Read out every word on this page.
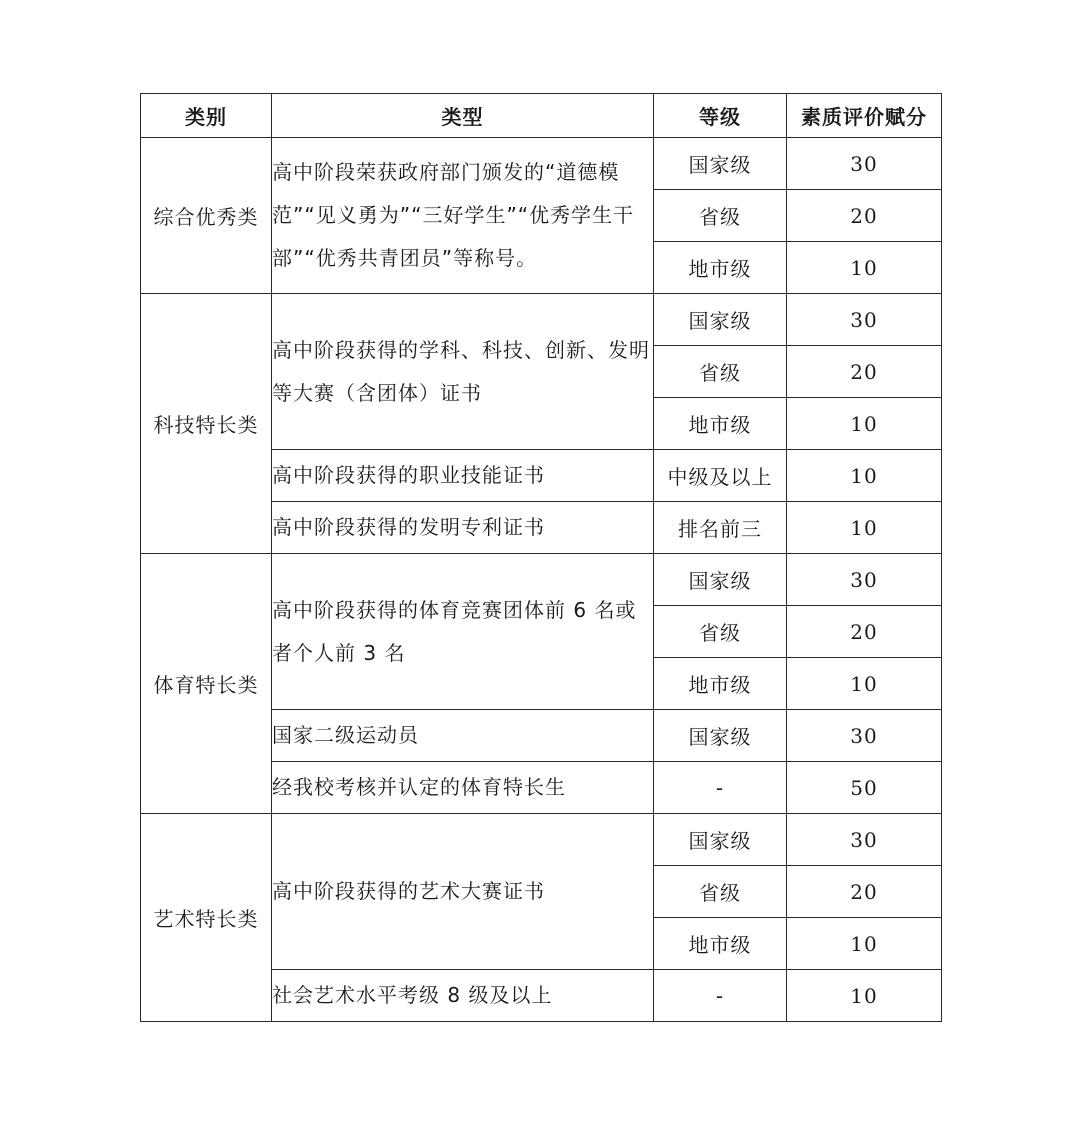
类别	类型	等级	素质评价赋分
综合优秀类	高中阶段荣获政府部门颁发的“道德模范”“见义勇为”“三好学生”“优秀学生干部”“优秀共青团员”等称号。	国家级	30
		省级	20
		地市级	10
科技特长类	高中阶段获得的学科、科技、创新、发明等大赛（含团体）证书	国家级	30
		省级	20
		地市级	10
	高中阶段获得的职业技能证书	中级及以上	10
	高中阶段获得的发明专利证书	排名前三	10
体育特长类	高中阶段获得的体育竞赛团体前 6 名或者个人前 3 名	国家级	30
		省级	20
		地市级	10
	国家二级运动员	国家级	30
	经我校考核并认定的体育特长生	-	50
艺术特长类	高中阶段获得的艺术大赛证书	国家级	30
		省级	20
		地市级	10
	社会艺术水平考级 8 级及以上	-	10
